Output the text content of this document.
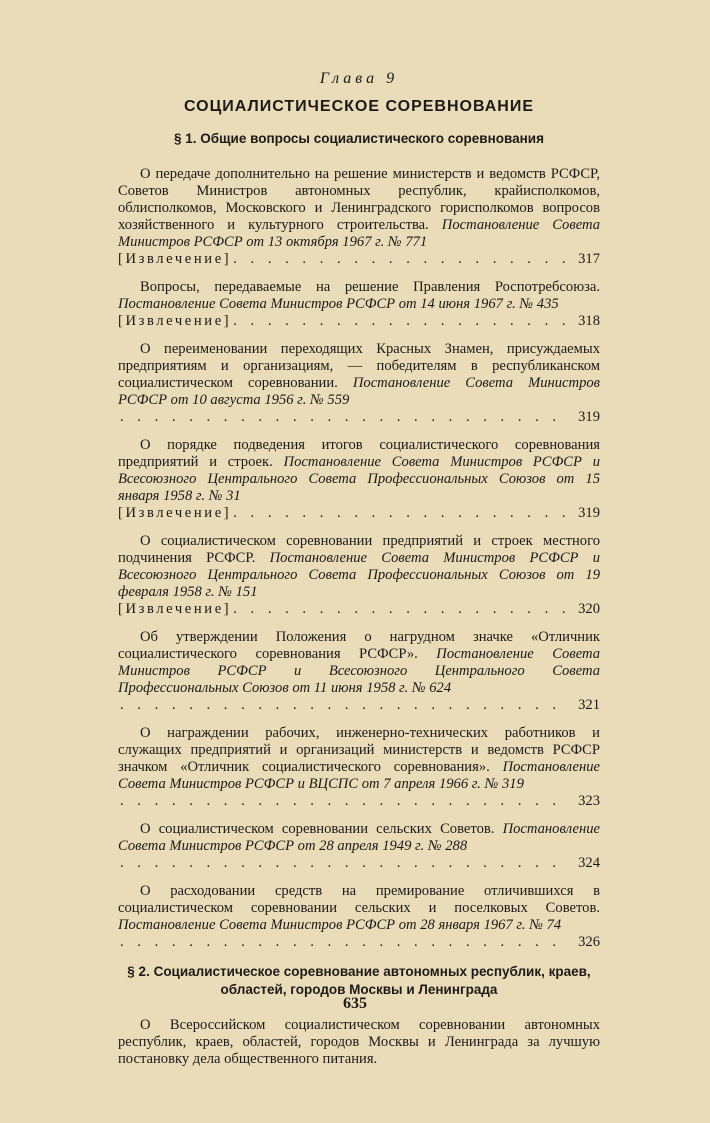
Глава 9
СОЦИАЛИСТИЧЕСКОЕ СОРЕВНОВАНИЕ
§ 1. Общие вопросы социалистического соревнования
О передаче дополнительно на решение министерств и ведомств РСФСР, Советов Министров автономных республик, крайисполкомов, облисполкомов, Московского и Ленинградского горисполкомов вопросов хозяйственного и культурного строительства. Постановление Совета Министров РСФСР от 13 октября 1967 г. № 771
[Извлечение] . . .	317
Вопросы, передаваемые на решение Правления Роспотребсоюза. Постановление Совета Министров РСФСР от 14 июня 1967 г. № 435
[Извлечение] . . .	318
О переименовании переходящих Красных Знамен, присуждаемых предприятиям и организациям, — победителям в республиканском социалистическом соревновании. Постановление Совета Министров РСФСР от 10 августа 1956 г. № 559
. . .
319
О порядке подведения итогов социалистического соревнования предприятий и строек. Постановление Совета Министров РСФСР и Всесоюзного Центрального Совета Профессиональных Союзов от 15 января 1958 г. № 31
[Извлечение] . . .	319
О социалистическом соревновании предприятий и строек местного подчинения РСФСР. Постановление Совета Министров РСФСР и Всесоюзного Центрального Совета Профессиональных Союзов от 19 февраля 1958 г. № 151
[Извлечение] . . .	320
Об утверждении Положения о нагрудном значке «Отличник социалистического соревнования РСФСР». Постановление Совета Министров РСФСР и Всесоюзного Центрального Совета Профессиональных Союзов от 11 июня 1958 г. № 624
. . .
321
О награждении рабочих, инженерно-технических работников и служащих предприятий и организаций министерств и ведомств РСФСР значком «Отличник социалистического соревнования». Постановление Совета Министров РСФСР и ВЦСПС от 7 апреля 1966 г. № 319
. . .
323
О социалистическом соревновании сельских Советов. Постановление Совета Министров РСФСР от 28 апреля 1949 г. № 288
. . .
324
О расходовании средств на премирование отличившихся в социалистическом соревновании сельских и поселковых Советов. Постановление Совета Министров РСФСР от 28 января 1967 г. № 74
. . .
326
§ 2. Социалистическое соревнование автономных республик, краев,
областей, городов Москвы и Ленинграда
О Всероссийском социалистическом соревновании автономных республик, краев, областей, городов Москвы и Ленинграда за лучшую постановку дела общественного питания.
635
